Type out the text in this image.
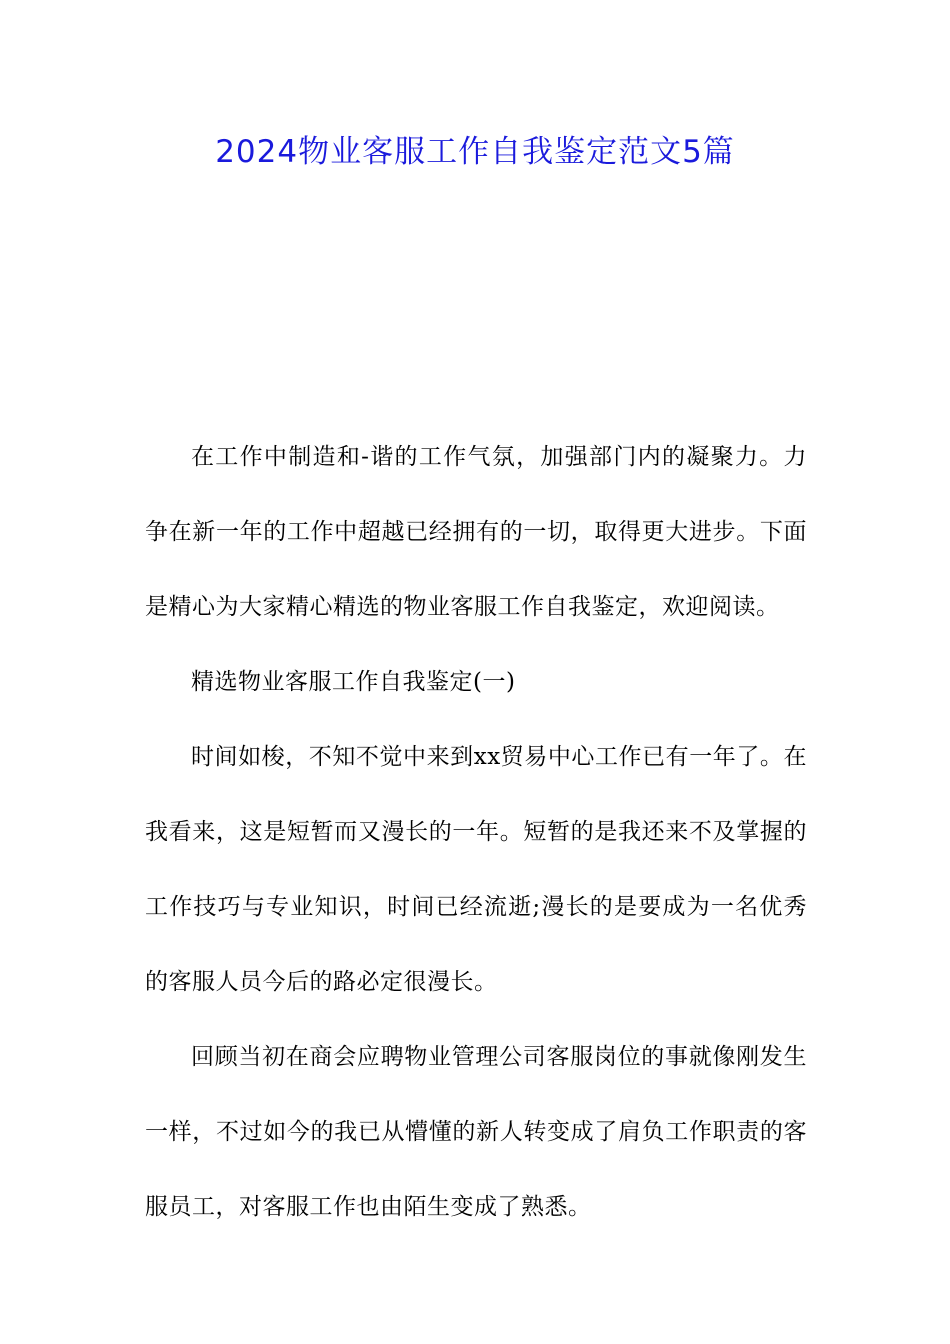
2024物业客服工作自我鉴定范文5篇

在工作中制造和-谐的工作气氛，加强部门内的凝聚力。力争在新一年的工作中超越已经拥有的一切，取得更大进步。下面是精心为大家精心精选的物业客服工作自我鉴定，欢迎阅读。

精选物业客服工作自我鉴定(一)

时间如梭，不知不觉中来到xx贸易中心工作已有一年了。在我看来，这是短暂而又漫长的一年。短暂的是我还来不及掌握的工作技巧与专业知识，时间已经流逝;漫长的是要成为一名优秀的客服人员今后的路必定很漫长。

回顾当初在商会应聘物业管理公司客服岗位的事就像刚发生一样，不过如今的我已从懵懂的新人转变成了肩负工作职责的客服员工，对客服工作也由陌生变成了熟悉。
